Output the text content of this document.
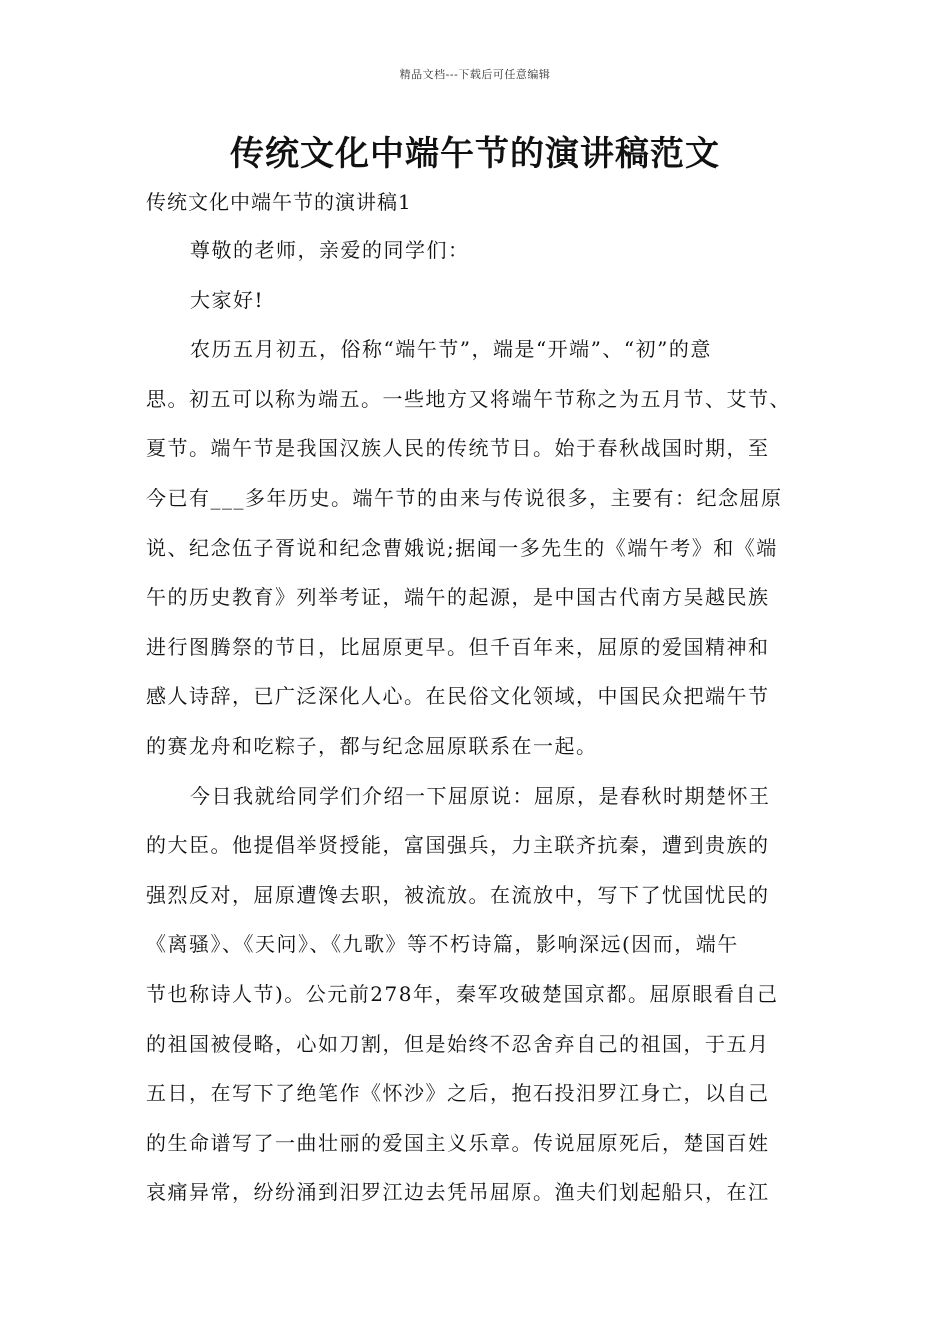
精品文档---下载后可任意编辑
传统文化中端午节的演讲稿范文
传统文化中端午节的演讲稿1
尊敬的老师，亲爱的同学们：
大家好!
农历五月初五，俗称“端午节”，端是“开端”、“初”的意
思。初五可以称为端五。一些地方又将端午节称之为五月节、艾节、
夏节。端午节是我国汉族人民的传统节日。始于春秋战国时期，至
今已有___多年历史。端午节的由来与传说很多，主要有：纪念屈原
说、纪念伍子胥说和纪念曹娥说;据闻一多先生的《端午考》和《端
午的历史教育》列举考证，端午的起源，是中国古代南方吴越民族
进行图腾祭的节日，比屈原更早。但千百年来，屈原的爱国精神和
感人诗辞，已广泛深化人心。在民俗文化领域，中国民众把端午节
的赛龙舟和吃粽子，都与纪念屈原联系在一起。
今日我就给同学们介绍一下屈原说：屈原，是春秋时期楚怀王
的大臣。他提倡举贤授能，富国强兵，力主联齐抗秦，遭到贵族的
强烈反对，屈原遭馋去职，被流放。在流放中，写下了忧国忧民的
《离骚》、《天问》、《九歌》等不朽诗篇，影响深远(因而，端午
节也称诗人节)。公元前278年，秦军攻破楚国京都。屈原眼看自己
的祖国被侵略，心如刀割，但是始终不忍舍弃自己的祖国，于五月
五日，在写下了绝笔作《怀沙》之后，抱石投汨罗江身亡，以自己
的生命谱写了一曲壮丽的爱国主义乐章。传说屈原死后，楚国百姓
哀痛异常，纷纷涌到汨罗江边去凭吊屈原。渔夫们划起船只，在江
